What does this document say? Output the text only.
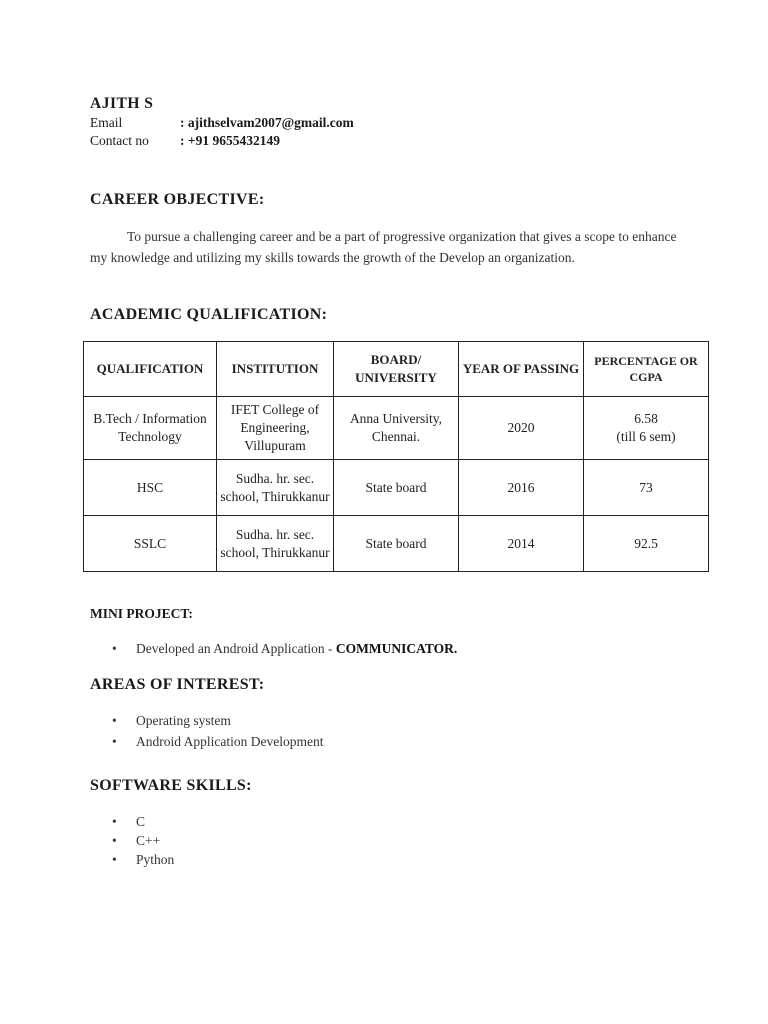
AJITH S
Email	: ajithselvam2007@gmail.com
Contact no	: +91 9655432149
CAREER OBJECTIVE:
To pursue a challenging career and be a part of progressive organization that gives a scope to enhance my knowledge and utilizing my skills towards the growth of the Develop an organization.
ACADEMIC QUALIFICATION:
QUALIFICATION	INSTITUTION	BOARD/ UNIVERSITY	YEAR OF PASSING	PERCENTAGE OR CGPA
B.Tech / Information Technology	IFET College of Engineering, Villupuram	Anna University, Chennai.	2020	6.58
(till 6 sem)

HSC	Sudha. hr. sec. school, Thirukkanur	State board	2016	73
SSLC	Sudha. hr. sec. school, Thirukkanur	State board	2014	92.5
MINI PROJECT:
• Developed an Android Application - COMMUNICATOR.
AREAS OF INTEREST:
• Operating system
• Android Application Development
SOFTWARE SKILLS:
• C
• C++
• Python
